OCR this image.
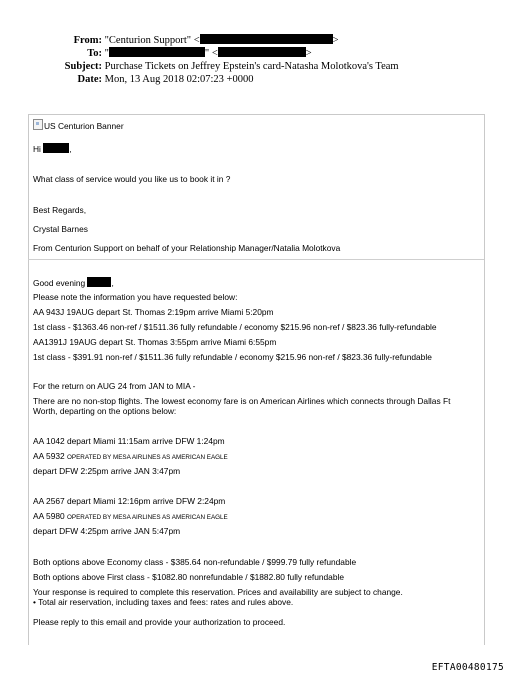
From: "Centurion Support" <	>
To: "	" <	>
Subject: Purchase Tickets on Jeffrey Epstein's card-Natasha Molotkova's Team
Date: Mon, 13 Aug 2018 02:07:23 +0000
US Centurion Banner
Hi	,
What class of service would you like us to book it in ?
Best Regards,
Crystal Barnes
From Centurion Support on behalf of your Relationship Manager/Natalia Molotkova
Good evening	,
Please note the information you have requested below:
AA 943J 19AUG depart St. Thomas 2:19pm arrive Miami 5:20pm
1st class - $1363.46 non-ref / $1511.36 fully refundable / economy $215.96 non-ref / $823.36 fully-refundable
AA1391J 19AUG depart St. Thomas 3:55pm arrive Miami 6:55pm
1st class - $391.91 non-ref / $1511.36 fully refundable / economy $215.96 non-ref / $823.36 fully-refundable
For the return on AUG 24 from JAN to MIA -
There are no non-stop flights. The lowest economy fare is on American Airlines which connects through Dallas Ft
Worth, departing on the options below:
AA 1042 depart Miami 11:15am arrive DFW 1:24pm
AA 5932 OPERATED BY MESA AIRLINES AS AMERICAN EAGLE
depart DFW 2:25pm arrive JAN 3:47pm
AA 2567 depart Miami 12:16pm arrive DFW 2:24pm
AA 5980 OPERATED BY MESA AIRLINES AS AMERICAN EAGLE
depart DFW 4:25pm arrive JAN 5:47pm
Both options above Economy class - $385.64 non-refundable / $999.79 fully refundable
Both options above First class - $1082.80 nonrefundable / $1882.80 fully refundable
Your response is required to complete this reservation. Prices and availability are subject to change.
• Total air reservation, including taxes and fees: rates and rules above.
Please reply to this email and provide your authorization to proceed.
EFTA00480175
